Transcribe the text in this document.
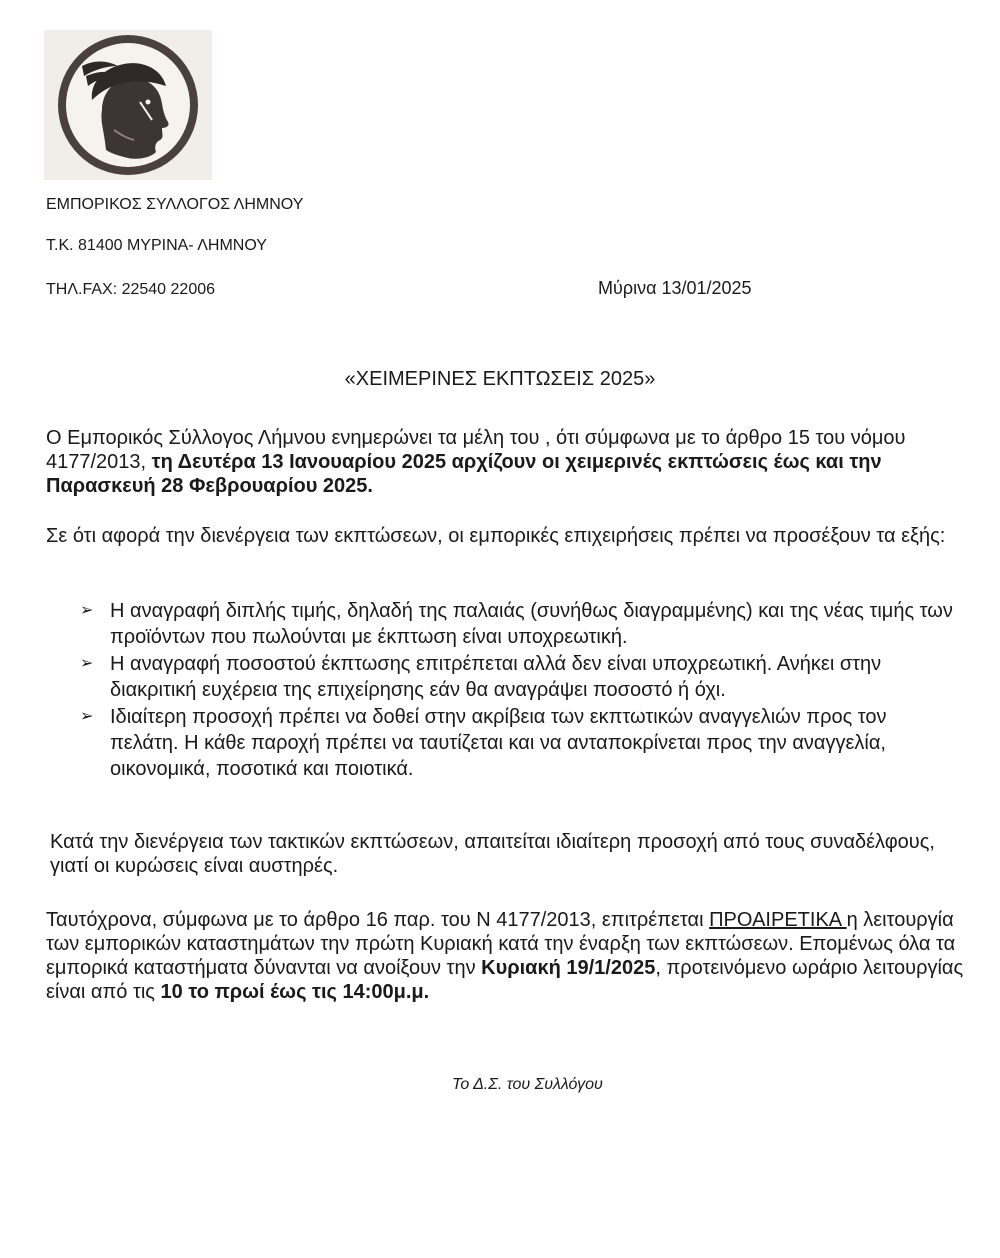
ΕΜΠΟΡΙΚΟΣ ΣΥΛΛΟΓΟΣ ΛΗΜΝΟΥ

Τ.Κ. 81400 ΜΥΡΙΝΑ- ΛΗΜΝΟΥ

ΤΗΛ.FAX: 22540 22006	Μύρινα 13/01/2025

«ΧΕΙΜΕΡΙΝΕΣ ΕΚΠΤΩΣΕΙΣ 2025»

Ο Εμπορικός Σύλλογος Λήμνου ενημερώνει τα μέλη του , ότι σύμφωνα με το άρθρο 15 του νόμου 4177/2013, τη Δευτέρα 13 Ιανουαρίου 2025 αρχίζουν οι χειμερινές εκπτώσεις έως και την Παρασκευή 28 Φεβρουαρίου 2025.

Σε ότι αφορά την διενέργεια των εκπτώσεων, οι εμπορικές επιχειρήσεις πρέπει να προσέξουν τα εξής:

➢ Η αναγραφή διπλής τιμής, δηλαδή της παλαιάς (συνήθως διαγραμμένης) και της νέας τιμής των προϊόντων που πωλούνται με έκπτωση είναι υποχρεωτική.
➢ Η αναγραφή ποσοστού έκπτωσης επιτρέπεται αλλά δεν είναι υποχρεωτική. Ανήκει στην διακριτική ευχέρεια της επιχείρησης εάν θα αναγράψει ποσοστό ή όχι.
➢ Ιδιαίτερη προσοχή πρέπει να δοθεί στην ακρίβεια των εκπτωτικών αναγγελιών προς τον πελάτη. Η κάθε παροχή πρέπει να ταυτίζεται και να ανταποκρίνεται προς την αναγγελία, οικονομικά, ποσοτικά και ποιοτικά.

Κατά την διενέργεια των τακτικών εκπτώσεων, απαιτείται ιδιαίτερη προσοχή από τους συναδέλφους, γιατί οι κυρώσεις είναι αυστηρές.

Ταυτόχρονα, σύμφωνα με το άρθρο 16 παρ. του Ν 4177/2013, επιτρέπεται ΠΡΟΑΙΡΕΤΙΚΑ η λειτουργία των εμπορικών καταστημάτων την πρώτη Κυριακή κατά την έναρξη των εκπτώσεων. Επομένως όλα τα εμπορικά καταστήματα δύνανται να ανοίξουν την Κυριακή 19/1/2025, προτεινόμενο ωράριο λειτουργίας είναι από τις 10 το πρωί έως τις 14:00μ.μ.

Το Δ.Σ. του Συλλόγου
